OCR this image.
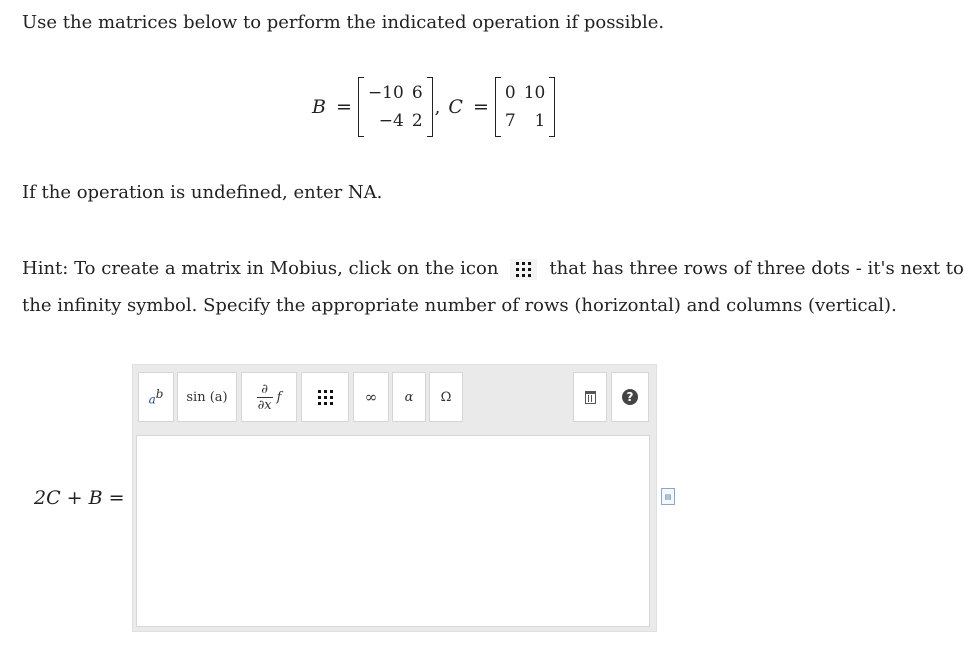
Use the matrices below to perform the indicated operation if possible.

B =
−10 6
−4 2
, C =
0 10
7	1

If the operation is undefined, enter NA.

Hint: To create a matrix in Mobius, click on the icon	that has three rows of three dots - it's next to

the infinity symbol. Specify the appropriate number of rows (horizontal) and columns (vertical).

2C + B =
$a^b$ $\sin (a) \frac{\partial}{\partial x}$ f	∞ α Ω	?
▤
